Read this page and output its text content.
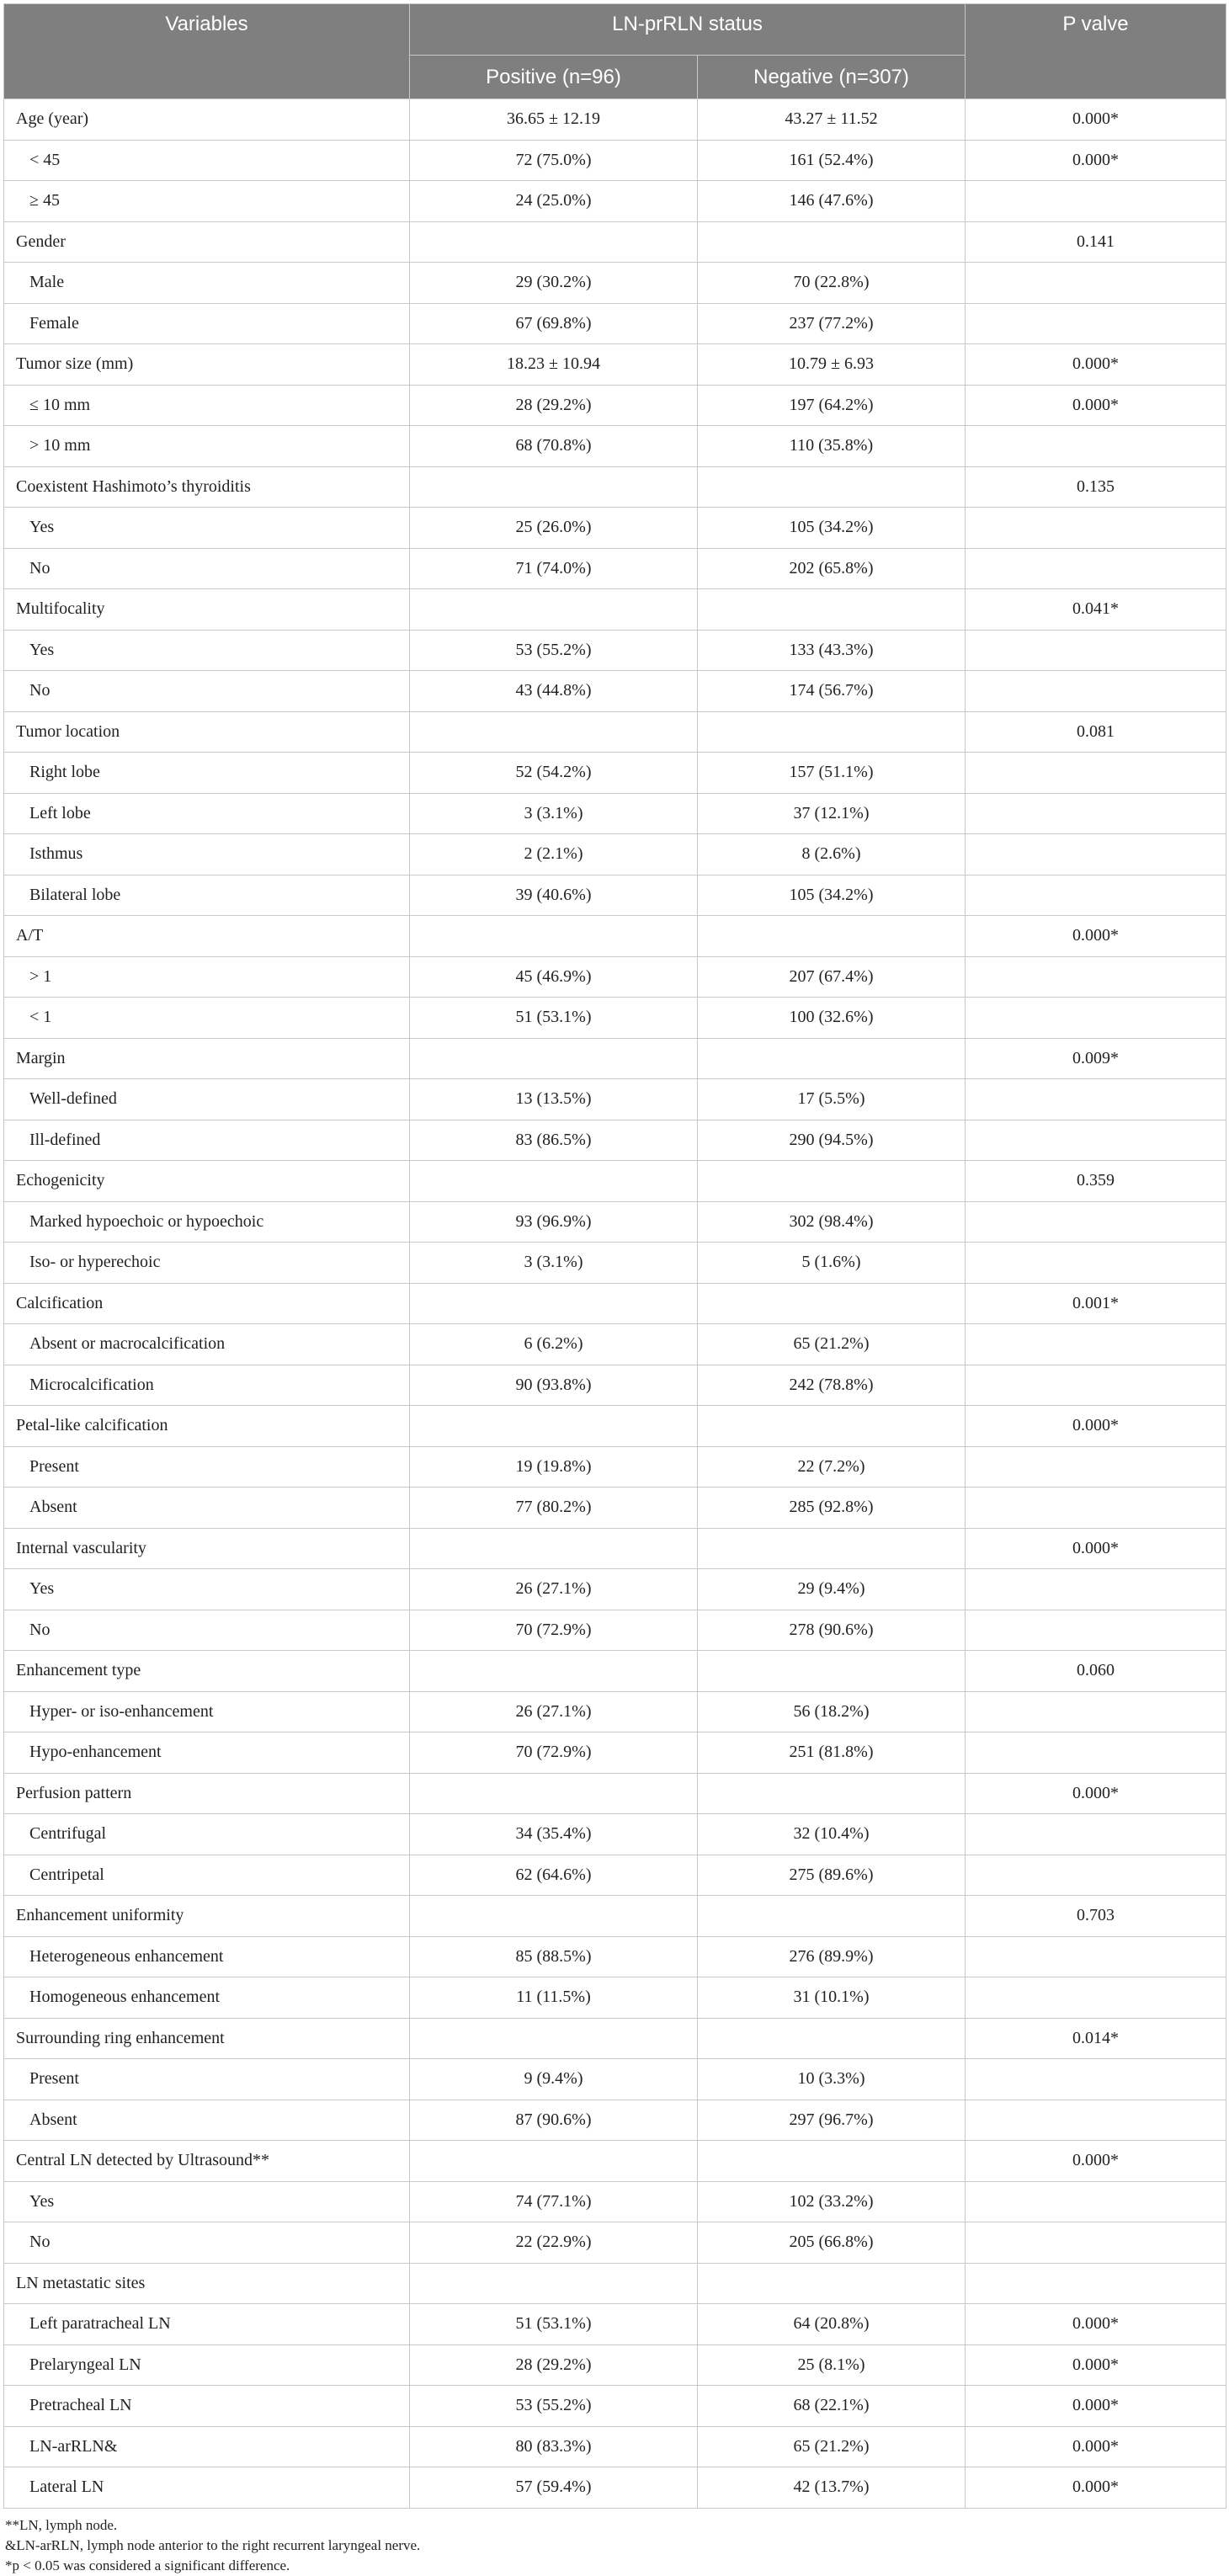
Variables	LN-prRLN status		P valve
	Positive (n=96)	Negative (n=307)	
Age (year)	36.65 ± 12.19	43.27 ± 11.52	0.000*
< 45	72 (75.0%)	161 (52.4%)	0.000*
≥ 45	24 (25.0%)	146 (47.6%)	
Gender			0.141
Male	29 (30.2%)	70 (22.8%)	
Female	67 (69.8%)	237 (77.2%)	
Tumor size (mm)	18.23 ± 10.94	10.79 ± 6.93	0.000*
≤ 10 mm	28 (29.2%)	197 (64.2%)	0.000*
> 10 mm	68 (70.8%)	110 (35.8%)	
Coexistent Hashimoto’s thyroiditis			0.135
Yes	25 (26.0%)	105 (34.2%)	
No	71 (74.0%)	202 (65.8%)	
Multifocality			0.041*
Yes	53 (55.2%)	133 (43.3%)	
No	43 (44.8%)	174 (56.7%)	
Tumor location			0.081
Right lobe	52 (54.2%)	157 (51.1%)	
Left lobe	3 (3.1%)	37 (12.1%)	
Isthmus	2 (2.1%)	8 (2.6%)	
Bilateral lobe	39 (40.6%)	105 (34.2%)	
A/T			0.000*
> 1	45 (46.9%)	207 (67.4%)	
< 1	51 (53.1%)	100 (32.6%)	
Margin			0.009*
Well-defined	13 (13.5%)	17 (5.5%)	
Ill-defined	83 (86.5%)	290 (94.5%)	
Echogenicity			0.359
Marked hypoechoic or hypoechoic	93 (96.9%)	302 (98.4%)	
Iso- or hyperechoic	3 (3.1%)	5 (1.6%)	
Calcification			0.001*
Absent or macrocalcification	6 (6.2%)	65 (21.2%)	
Microcalcification	90 (93.8%)	242 (78.8%)	
Petal-like calcification			0.000*
Present	19 (19.8%)	22 (7.2%)	
Absent	77 (80.2%)	285 (92.8%)	
Internal vascularity			0.000*
Yes	26 (27.1%)	29 (9.4%)	
No	70 (72.9%)	278 (90.6%)	
Enhancement type			0.060
Hyper- or iso-enhancement	26 (27.1%)	56 (18.2%)	
Hypo-enhancement	70 (72.9%)	251 (81.8%)	
Perfusion pattern			0.000*
Centrifugal	34 (35.4%)	32 (10.4%)	
Centripetal	62 (64.6%)	275 (89.6%)	
Enhancement uniformity			0.703
Heterogeneous enhancement	85 (88.5%)	276 (89.9%)	
Homogeneous enhancement	11 (11.5%)	31 (10.1%)	
Surrounding ring enhancement			0.014*
Present	9 (9.4%)	10 (3.3%)	
Absent	87 (90.6%)	297 (96.7%)	
Central LN detected by Ultrasound**			0.000*
Yes	74 (77.1%)	102 (33.2%)	
No	22 (22.9%)	205 (66.8%)	
LN metastatic sites			
Left paratracheal LN	51 (53.1%)	64 (20.8%)	0.000*
Prelaryngeal LN	28 (29.2%)	25 (8.1%)	0.000*
Pretracheal LN	53 (55.2%)	68 (22.1%)	0.000*
LN-arRLN&	80 (83.3%)	65 (21.2%)	0.000*
Lateral LN	57 (59.4%)	42 (13.7%)	0.000*
**LN, lymph node.
&LN-arRLN, lymph node anterior to the right recurrent laryngeal nerve.
*p < 0.05 was considered a significant difference.
